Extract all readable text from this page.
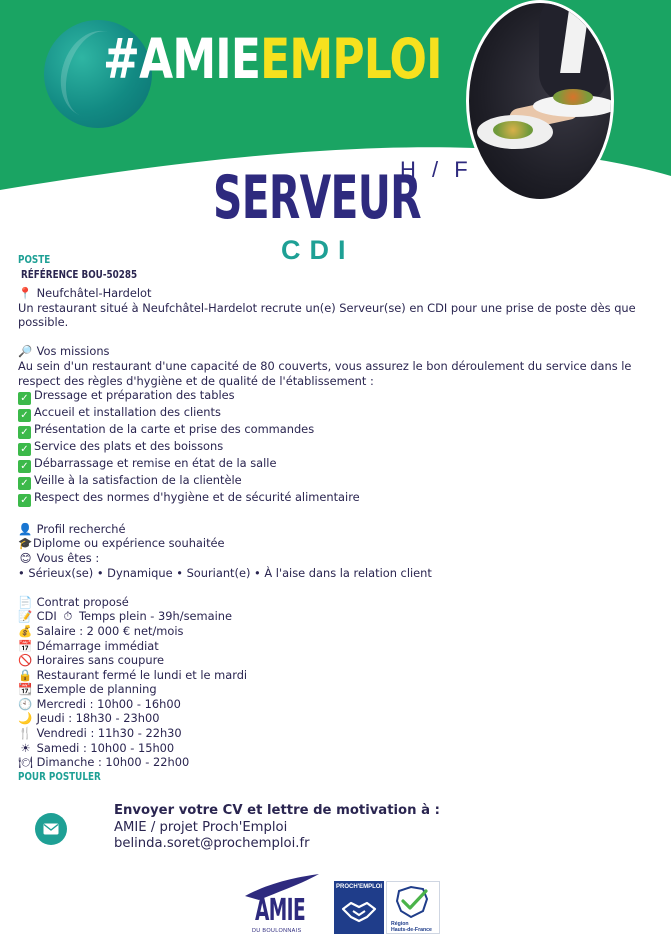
#AMIEEMPLOI
H / F
SERVEUR
CDI
POSTE
RÉFÉRENCE BOU-50285

📍 Neufchâtel-Hardelot

Un restaurant situé à Neufchâtel-Hardelot recrute un(e) Serveur(se) en CDI pour une prise de poste dès que possible.

🔎 Vos missions

Au sein d'un restaurant d'une capacité de 80 couverts, vous assurez le bon déroulement du service dans le respect des règles d'hygiène et de qualité de l'établissement :

✓ Dressage et préparation des tables

✓ Accueil et installation des clients

✓ Présentation de la carte et prise des commandes

✓ Service des plats et des boissons

✓ Débarrassage et remise en état de la salle

✓ Veille à la satisfaction de la clientèle

✓ Respect des normes d'hygiène et de sécurité alimentaire

👤 Profil recherché

🎓Diplome ou expérience souhaitée

😊 Vous êtes :

• Sérieux(se) • Dynamique • Souriant(e) • À l'aise dans la relation client

📄 Contrat proposé

📝 CDI ⏱ Temps plein - 39h/semaine

💰 Salaire : 2 000 € net/mois

📅 Démarrage immédiat

🚫 Horaires sans coupure

🔒 Restaurant fermé le lundi et le mardi

📆 Exemple de planning

🕙 Mercredi : 10h00 - 16h00

🌙 Jeudi : 18h30 - 23h00

🍴 Vendredi : 11h30 - 22h30

☀ Samedi : 10h00 - 15h00

🍽 Dimanche : 10h00 - 22h00

POUR POSTULER
Envoyer votre CV et lettre de motivation à :
AMIE / projet Proch'Emploi
belinda.soret@prochemploi.fr
AMIE
DU BOULONNAIS
PROCH'EMPLOI
Région
Hauts-de-France
